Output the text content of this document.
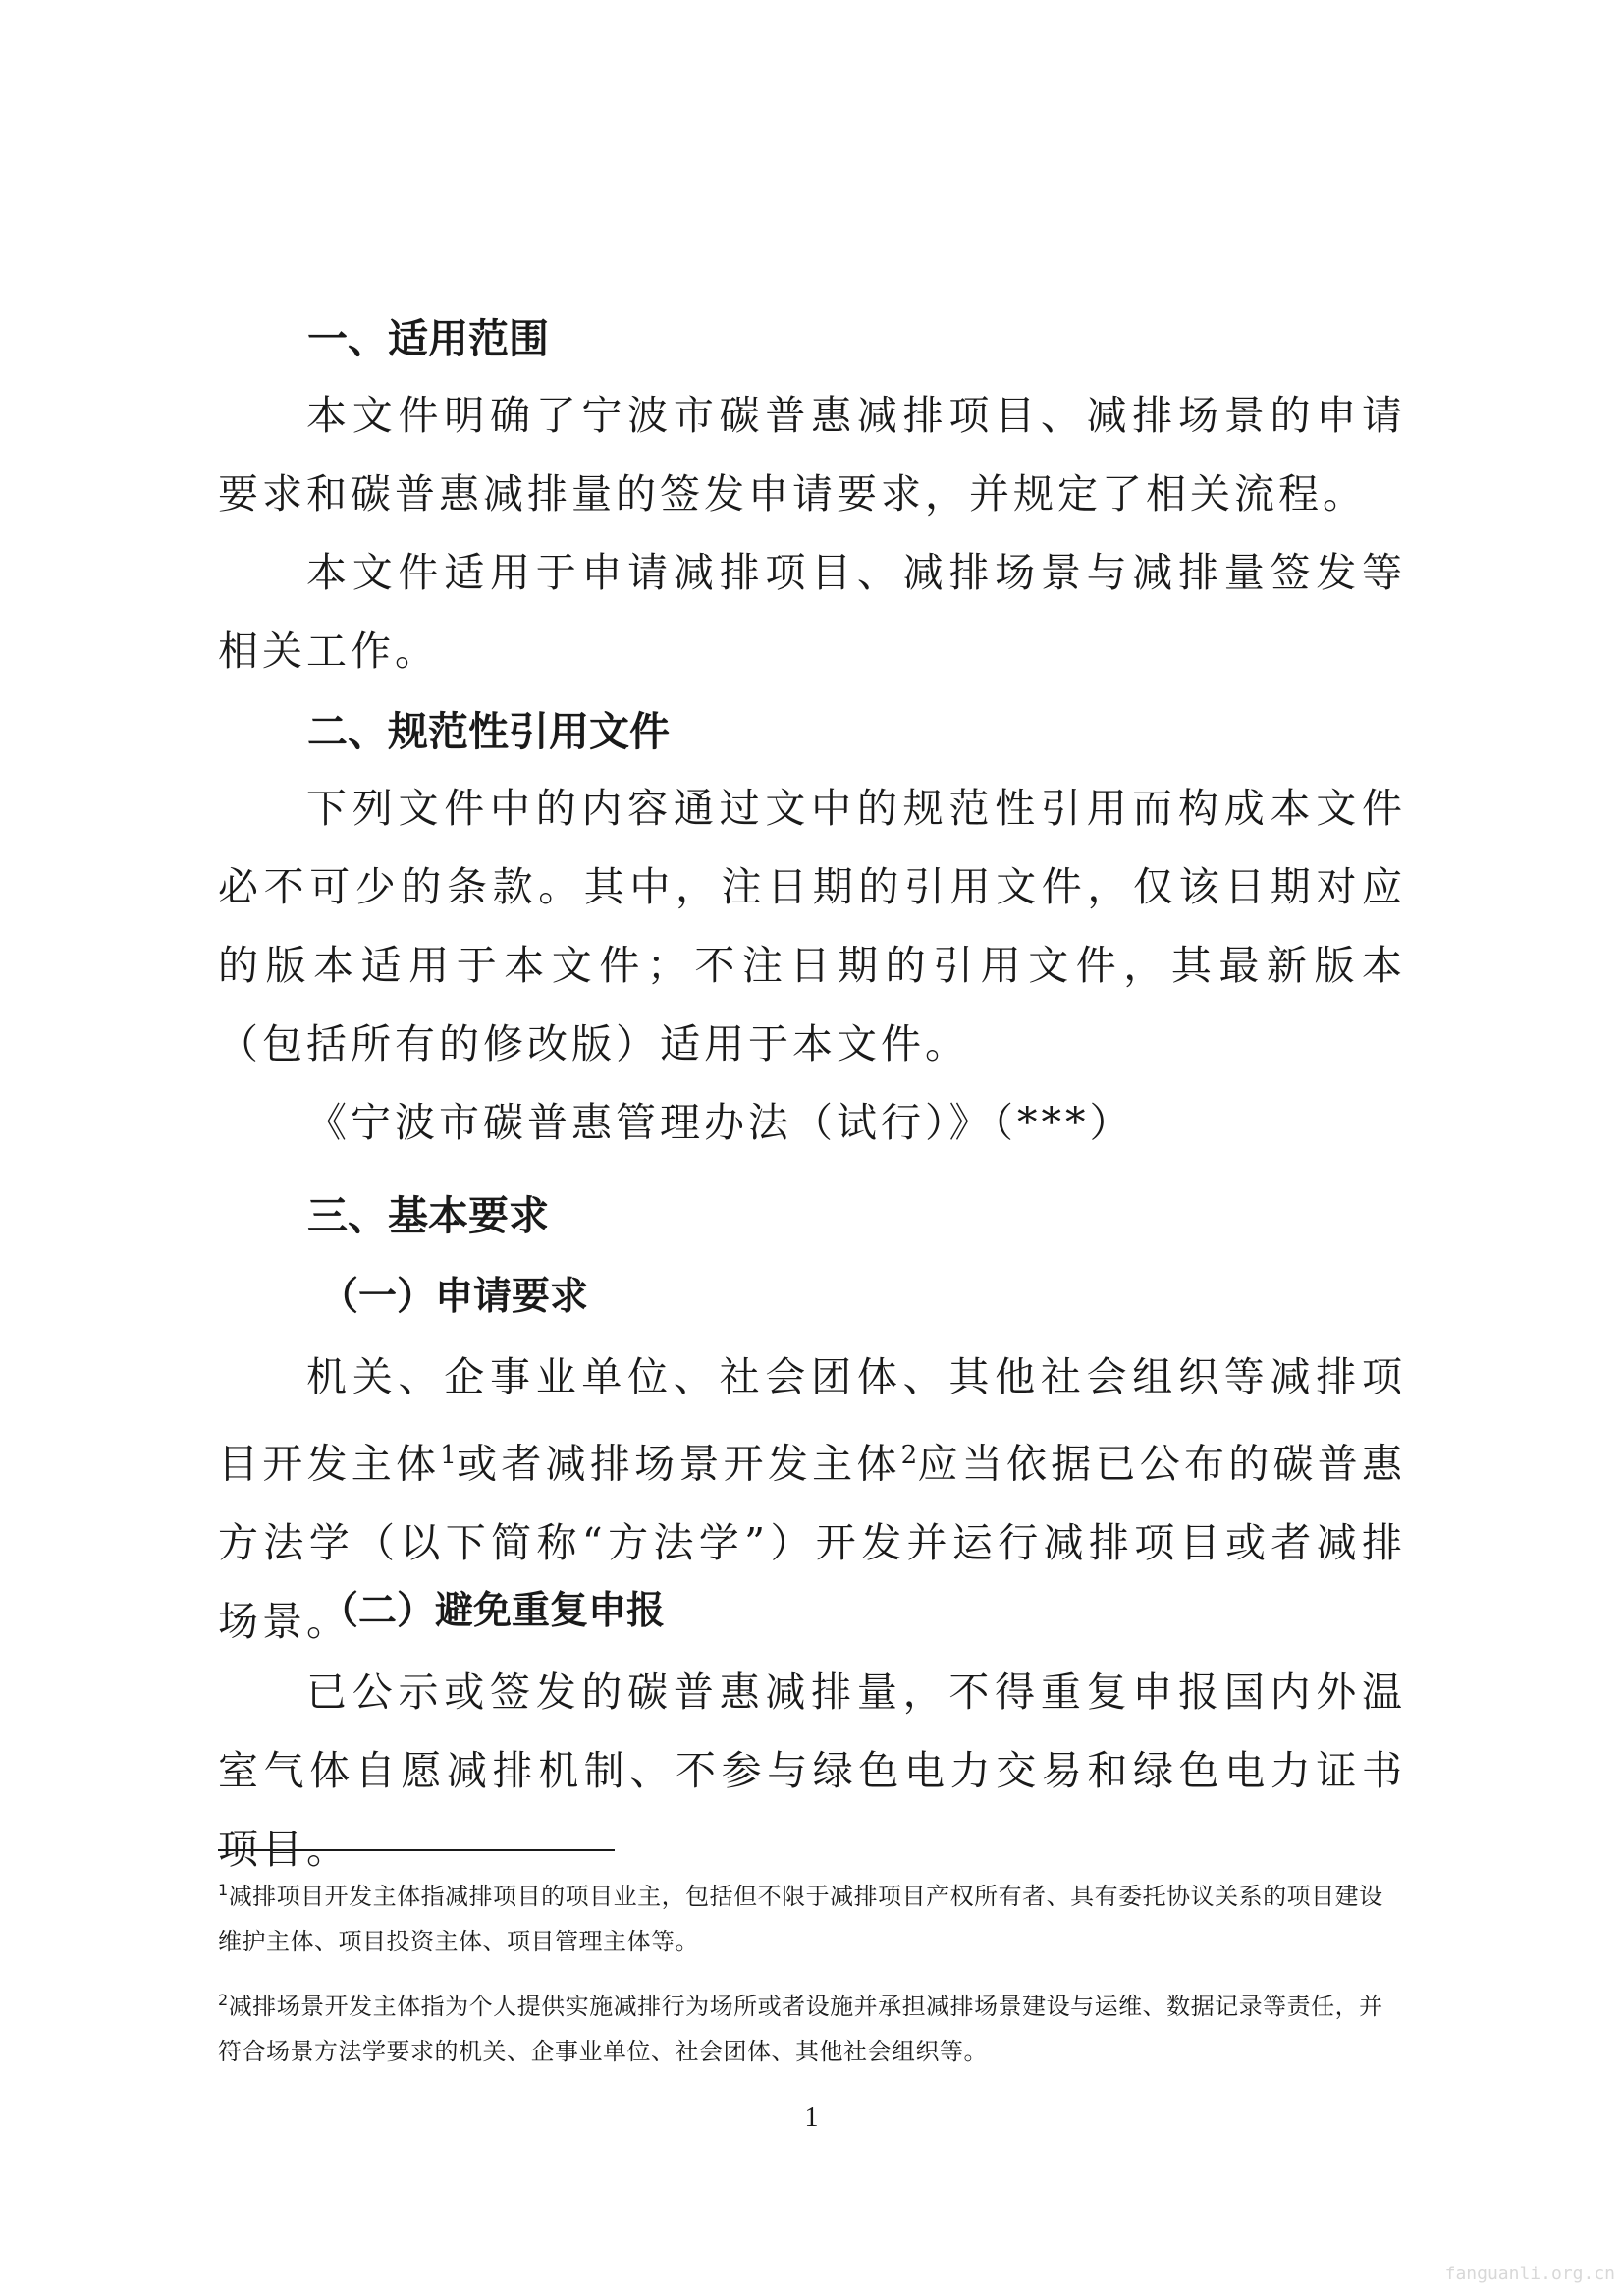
一、适用范围
本文件明确了宁波市碳普惠减排项目、减排场景的申请要求和碳普惠减排量的签发申请要求，并规定了相关流程。
本文件适用于申请减排项目、减排场景与减排量签发等相关工作。
二、规范性引用文件
下列文件中的内容通过文中的规范性引用而构成本文件必不可少的条款。其中，注日期的引用文件，仅该日期对应的版本适用于本文件；不注日期的引用文件，其最新版本（包括所有的修改版）适用于本文件。
《宁波市碳普惠管理办法（试行）》（***）
三、基本要求
（一）申请要求
机关、企事业单位、社会团体、其他社会组织等减排项目开发主体$^1$或者减排场景开发主体$^2$应当依据已公布的碳普惠方法学（以下简称“方法学”）开发并运行减排项目或者减排场景。
（二）避免重复申报
已公示或签发的碳普惠减排量，不得重复申报国内外温室气体自愿减排机制、不参与绿色电力交易和绿色电力证书项目。
$^1$减排项目开发主体指减排项目的项目业主，包括但不限于减排项目产权所有者、具有委托协议关系的项目建设维护主体、项目投资主体、项目管理主体等。
$^2$减排场景开发主体指为个人提供实施减排行为场所或者设施并承担减排场景建设与运维、数据记录等责任，并符合场景方法学要求的机关、企事业单位、社会团体、其他社会组织等。
1
fanguanli.org.cn
